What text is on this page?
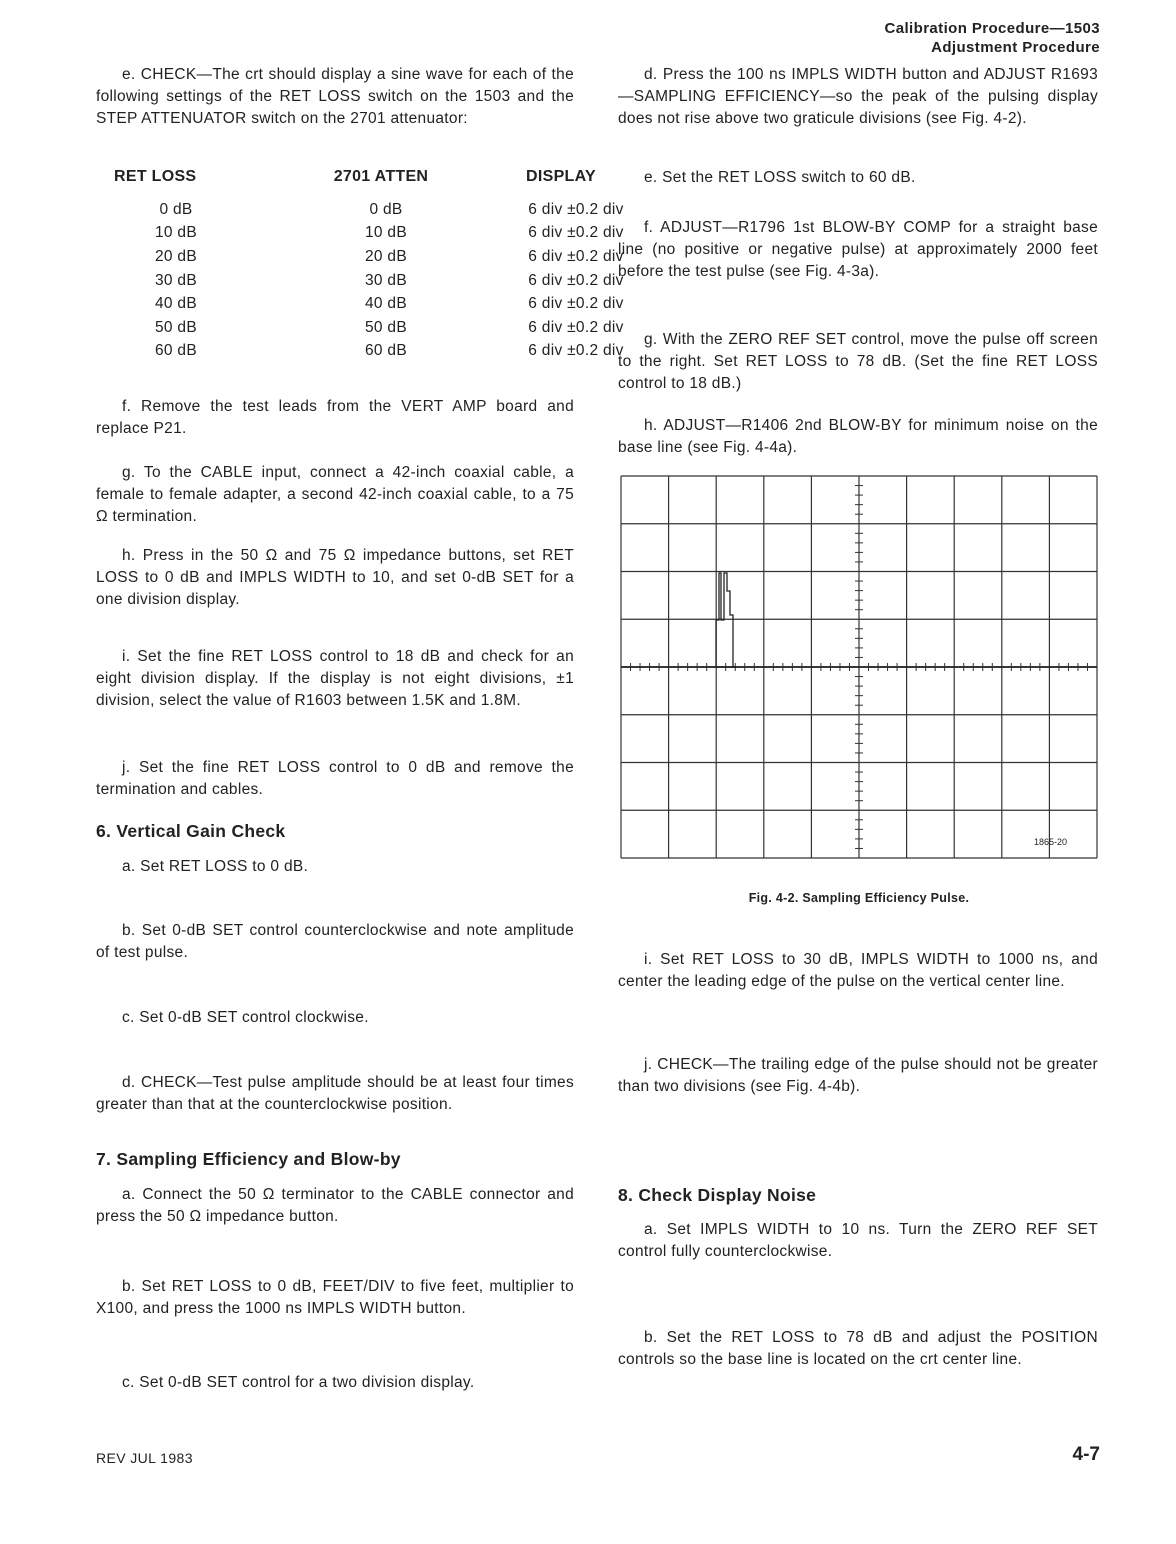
Calibration Procedure—1503
Adjustment Procedure

e. CHECK—The crt should display a sine wave for each of the following settings of the RET LOSS switch on the 1503 and the STEP ATTENUATOR switch on the 2701 attenuator:

RET LOSS	2701 ATTEN	DISPLAY
0 dB	0 dB	6 div ±0.2 div
10 dB	10 dB	6 div ±0.2 div
20 dB	20 dB	6 div ±0.2 div
30 dB	30 dB	6 div ±0.2 div
40 dB	40 dB	6 div ±0.2 div
50 dB	50 dB	6 div ±0.2 div
60 dB	60 dB	6 div ±0.2 div

f. Remove the test leads from the VERT AMP board and replace P21.

g. To the CABLE input, connect a 42-inch coaxial cable, a female to female adapter, a second 42-inch coaxial cable, to a 75 Ω termination.

h. Press in the 50 Ω and 75 Ω impedance buttons, set RET LOSS to 0 dB and IMPLS WIDTH to 10, and set 0-dB SET for a one division display.

i. Set the fine RET LOSS control to 18 dB and check for an eight division display. If the display is not eight divisions, ±1 division, select the value of R1603 between 1.5K and 1.8M.

j. Set the fine RET LOSS control to 0 dB and remove the termination and cables.

6. Vertical Gain Check

a. Set RET LOSS to 0 dB.

b. Set 0-dB SET control counterclockwise and note amplitude of test pulse.

c. Set 0-dB SET control clockwise.

d. CHECK—Test pulse amplitude should be at least four times greater than that at the counterclockwise position.

7. Sampling Efficiency and Blow-by

a. Connect the 50 Ω terminator to the CABLE connector and press the 50 Ω impedance button.

b. Set RET LOSS to 0 dB, FEET/DIV to five feet, multiplier to X100, and press the 1000 ns IMPLS WIDTH button.

c. Set 0-dB SET control for a two division display.

d. Press the 100 ns IMPLS WIDTH button and ADJUST R1693—SAMPLING EFFICIENCY—so the peak of the pulsing display does not rise above two graticule divisions (see Fig. 4-2).

e. Set the RET LOSS switch to 60 dB.

f. ADJUST—R1796 1st BLOW-BY COMP for a straight base line (no positive or negative pulse) at approximately 2000 feet before the test pulse (see Fig. 4-3a).

g. With the ZERO REF SET control, move the pulse off screen to the right. Set RET LOSS to 78 dB. (Set the fine RET LOSS control to 18 dB.)

h. ADJUST—R1406 2nd BLOW-BY for minimum noise on the base line (see Fig. 4-4a).

1865-20
Fig. 4-2. Sampling Efficiency Pulse.

i. Set RET LOSS to 30 dB, IMPLS WIDTH to 1000 ns, and center the leading edge of the pulse on the vertical center line.

j. CHECK—The trailing edge of the pulse should not be greater than two divisions (see Fig. 4-4b).

8. Check Display Noise

a. Set IMPLS WIDTH to 10 ns. Turn the ZERO REF SET control fully counterclockwise.

b. Set the RET LOSS to 78 dB and adjust the POSITION controls so the base line is located on the crt center line.

REV JUL 1983	4-7
